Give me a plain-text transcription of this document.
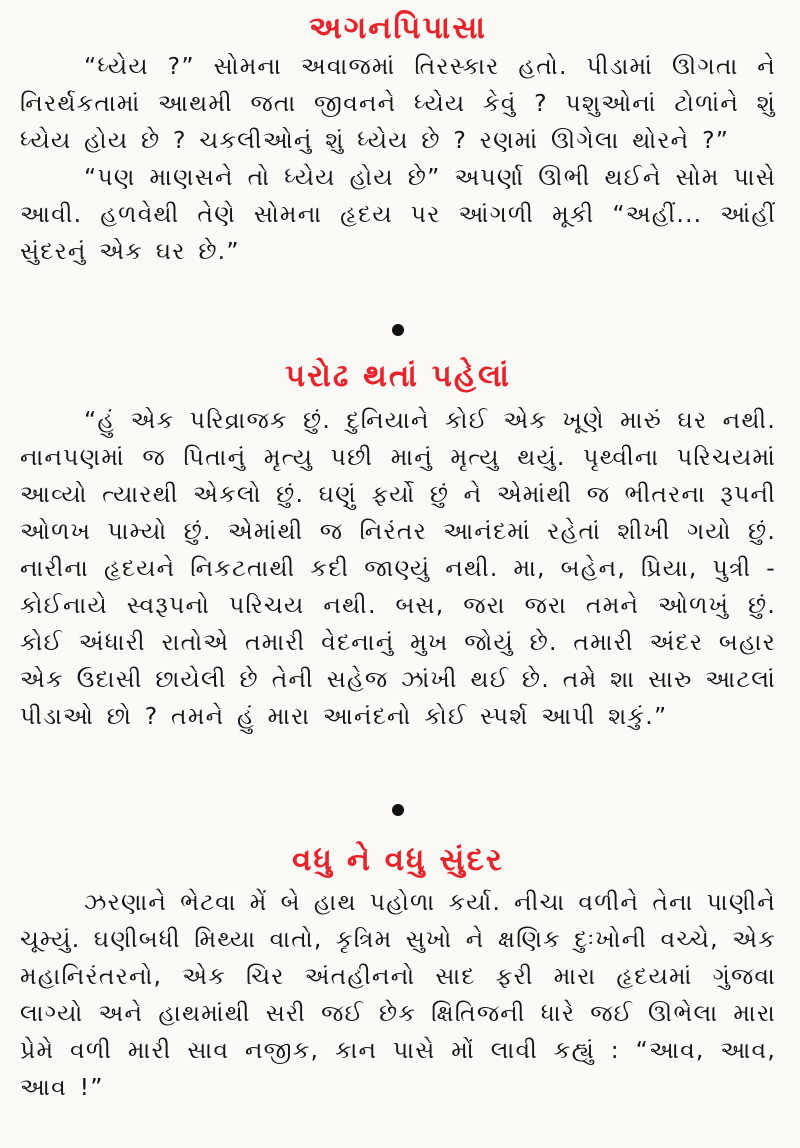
અગનપિપાસા

“ધ્યેય ?” સોમના અવાજમાં તિરસ્કાર હતો. પીડામાં ઊગતા ને નિરર્થકતામાં આથમી જતા જીવનને ધ્યેય કેવું ? પશુઓનાં ટોળાંને શું ધ્યેય હોય છે ? ચકલીઓનું શું ધ્યેય છે ? રણમાં ઊગેલા થોરને ?”

“પણ માણસને તો ધ્યેય હોય છે” અપર્ણા ઊભી થઈને સોમ પાસે આવી. હળવેથી તેણે સોમના હૃદય પર આંગળી મૂકી “અહીં... આંહીં સુંદરનું એક ઘર છે.”

પરોઢ થતાં પહેલાં

“હું એક પરિવ્રાજક છું. દુનિયાને કોઈ એક ખૂણે મારું ઘર નથી. નાનપણમાં જ પિતાનું મૃત્યુ પછી માનું મૃત્યુ થયું. પૃથ્વીના પરિચયમાં આવ્યો ત્યારથી એકલો છું. ઘણું ફર્યો છું ને એમાંથી જ ભીતરના રૂપની ઓળખ પામ્યો છું. એમાંથી જ નિરંતર આનંદમાં રહેતાં શીખી ગયો છું. નારીના હૃદયને નિકટતાથી કદી જાણ્યું નથી. મા, બહેન, પ્રિયા, પુત્રી - કોઈનાયે સ્વરૂપનો પરિચય નથી. બસ, જરા જરા તમને ઓળખું છું. કોઈ અંધારી રાતોએ તમારી વેદનાનું મુખ જોયું છે. તમારી અંદર બહાર એક ઉદાસી છાયેલી છે તેની સહેજ ઝાંખી થઈ છે. તમે શા સારુ આટલાં પીડાઓ છો ? તમને હું મારા આનંદનો કોઈ સ્પર્શ આપી શકું.”

વધુ ને વધુ સુંદર

ઝરણાને ભેટવા મેં બે હાથ પહોળા કર્યા. નીચા વળીને તેના પાણીને ચૂમ્યું. ઘણીબધી મિથ્યા વાતો, કૃત્રિમ સુખો ને ક્ષણિક દુઃખોની વચ્ચે, એક મહાનિરંતરનો, એક ચિર અંતહીનનો સાદ ફરી મારા હૃદયમાં ગુંજવા લાગ્યો અને હાથમાંથી સરી જઈ છેક ક્ષિતિજની ધારે જઈ ઊભેલા મારા પ્રેમે વળી મારી સાવ નજીક, કાન પાસે મોં લાવી કહ્યું : “આવ, આવ, આવ !”
